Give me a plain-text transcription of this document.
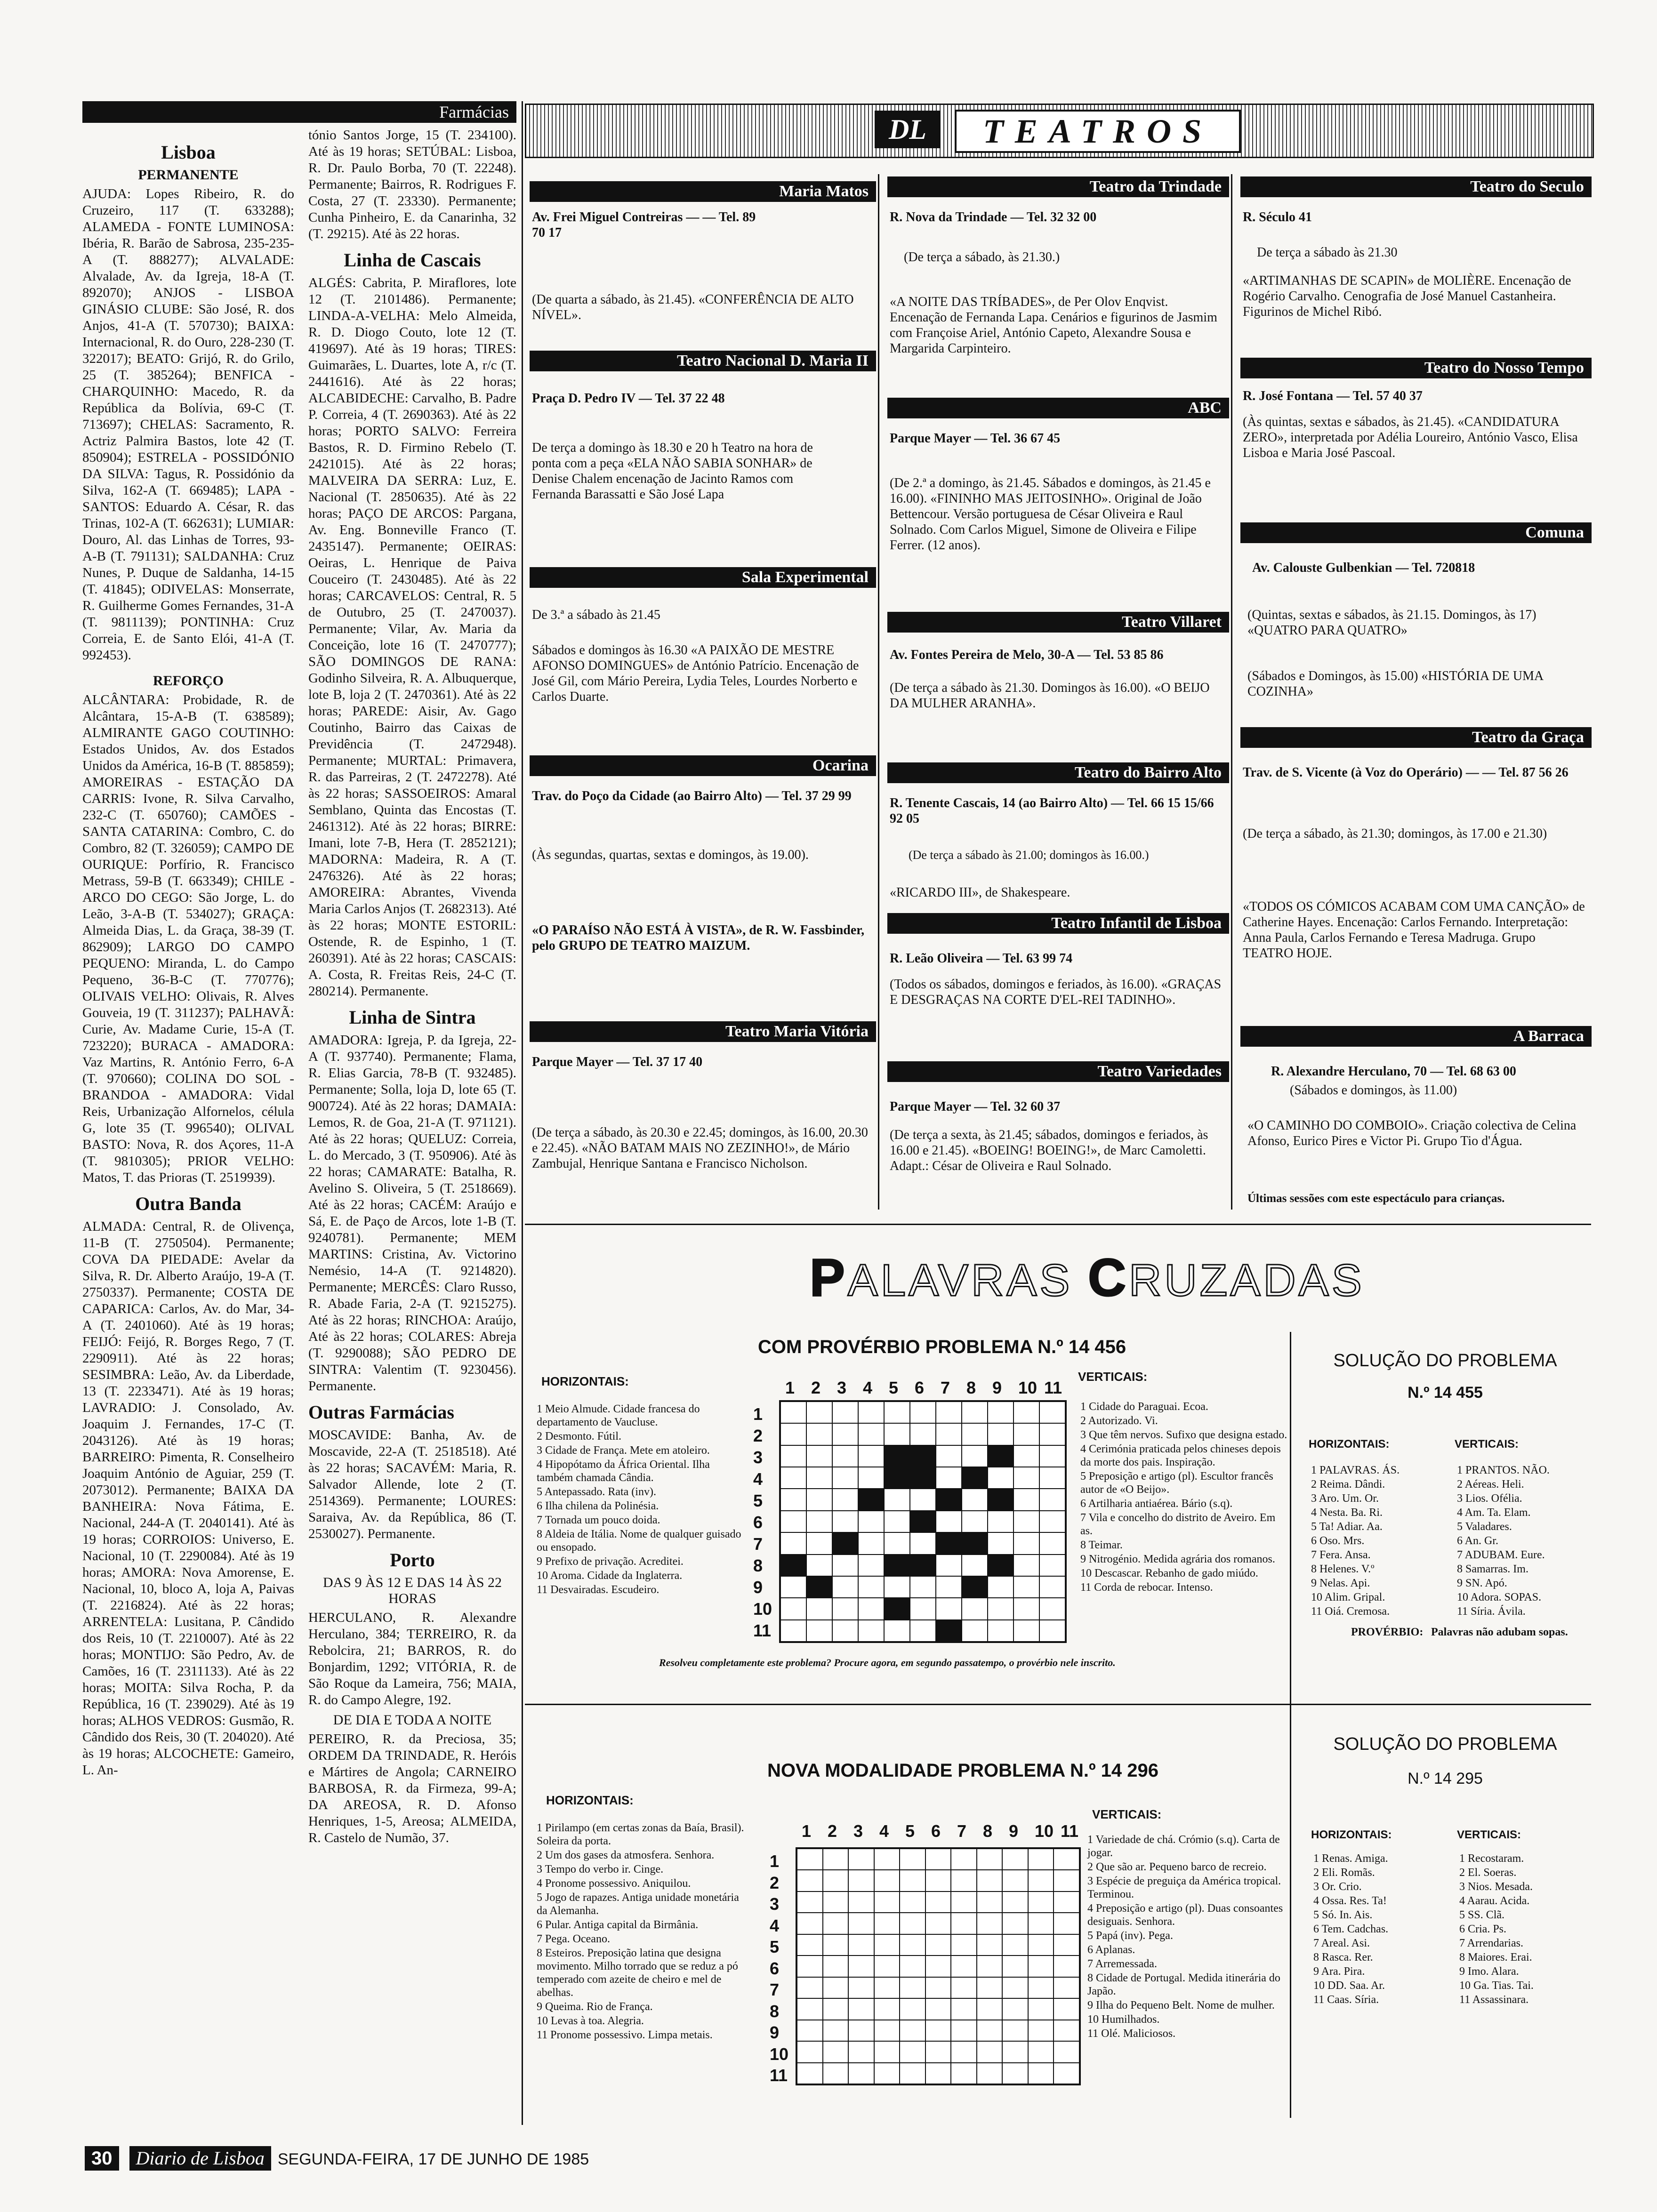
Farmácias
Lisboa
PERMANENTE

AJUDA: Lopes Ribeiro, R. do Cruzeiro, 117 (T. 633288); ALAMEDA - FONTE LUMINOSA: Ibéria, R. Barão de Sabrosa, 235-235-A (T. 888277); ALVALADE: Alvalade, Av. da Igreja, 18-A (T. 892070); ANJOS - LISBOA GINÁSIO CLUBE: São José, R. dos Anjos, 41-A (T. 570730); BAIXA: Internacional, R. do Ouro, 228-230 (T. 322017); BEATO: Grijó, R. do Grilo, 25 (T. 385264); BENFICA - CHARQUINHO: Macedo, R. da República da Bolívia, 69-C (T. 713697); CHELAS: Sacramento, R. Actriz Palmira Bastos, lote 42 (T. 850904); ESTRELA - POSSIDÓNIO DA SILVA: Tagus, R. Possidónio da Silva, 162-A (T. 669485); LAPA - SANTOS: Eduardo A. César, R. das Trinas, 102-A (T. 662631); LUMIAR: Douro, Al. das Linhas de Torres, 93-A-B (T. 791131); SALDANHA: Cruz Nunes, P. Duque de Saldanha, 14-15 (T. 41845); ODIVELAS: Monserrate, R. Guilherme Gomes Fernandes, 31-A (T. 9811139); PONTINHA: Cruz Correia, E. de Santo Elói, 41-A (T. 992453).

REFORÇO

ALCÂNTARA: Probidade, R. de Alcântara, 15-A-B (T. 638589); ALMIRANTE GAGO COUTINHO: Estados Unidos, Av. dos Estados Unidos da América, 16-B (T. 885859); AMOREIRAS - ESTAÇÃO DA CARRIS: Ivone, R. Silva Carvalho, 232-C (T. 650760); CAMÕES - SANTA CATARINA: Combro, C. do Combro, 82 (T. 326059); CAMPO DE OURIQUE: Porfírio, R. Francisco Metrass, 59-B (T. 663349); CHILE - ARCO DO CEGO: São Jorge, L. do Leão, 3-A-B (T. 534027); GRAÇA: Almeida Dias, L. da Graça, 38-39 (T. 862909); LARGO DO CAMPO PEQUENO: Miranda, L. do Campo Pequeno, 36-B-C (T. 770776); OLIVAIS VELHO: Olivais, R. Alves Gouveia, 19 (T. 311237); PALHAVÃ: Curie, Av. Madame Curie, 15-A (T. 723220); BURACA - AMADORA: Vaz Martins, R. António Ferro, 6-A (T. 970660); COLINA DO SOL - BRANDOA - AMADORA: Vidal Reis, Urbanização Alfornelos, célula G, lote 35 (T. 996540); OLIVAL BASTO: Nova, R. dos Açores, 11-A (T. 9810305); PRIOR VELHO: Matos, T. das Prioras (T. 2519939).

Outra Banda

ALMADA: Central, R. de Olivença, 11-B (T. 2750504). Permanente; COVA DA PIEDADE: Avelar da Silva, R. Dr. Alberto Araújo, 19-A (T. 2750337). Permanente; COSTA DE CAPARICA: Carlos, Av. do Mar, 34-A (T. 2401060). Até às 19 horas; FEIJÓ: Feijó, R. Borges Rego, 7 (T. 2290911). Até às 22 horas; SESIMBRA: Leão, Av. da Liberdade, 13 (T. 2233471). Até às 19 horas; LAVRADIO: J. Consolado, Av. Joaquim J. Fernandes, 17-C (T. 2043126). Até às 19 horas; BARREIRO: Pimenta, R. Conselheiro Joaquim António de Aguiar, 259 (T. 2073012). Permanente; BAIXA DA BANHEIRA: Nova Fátima, E. Nacional, 244-A (T. 2040141). Até às 19 horas; CORROIOS: Universo, E. Nacional, 10 (T. 2290084). Até às 19 horas; AMORA: Nova Amorense, E. Nacional, 10, bloco A, loja A, Paivas (T. 2216824). Até às 22 horas; ARRENTELA: Lusitana, P. Cândido dos Reis, 10 (T. 2210007). Até às 22 horas; MONTIJO: São Pedro, Av. de Camões, 16 (T. 2311133). Até às 22 horas; MOITA: Silva Rocha, P. da República, 16 (T. 239029). Até às 19 horas; ALHOS VEDROS: Gusmão, R. Cândido dos Reis, 30 (T. 204020). Até às 19 horas; ALCOCHETE: Gameiro, L. An-

tónio Santos Jorge, 15 (T. 234100). Até às 19 horas; SETÚBAL: Lisboa, R. Dr. Paulo Borba, 70 (T. 22248). Permanente; Bairros, R. Rodrigues F. Costa, 27 (T. 23330). Permanente; Cunha Pinheiro, E. da Canarinha, 32 (T. 29215). Até às 22 horas.

Linha de Cascais

ALGÉS: Cabrita, P. Miraflores, lote 12 (T. 2101486). Permanente; LINDA-A-VELHA: Melo Almeida, R. D. Diogo Couto, lote 12 (T. 419697). Até às 19 horas; TIRES: Guimarães, L. Duartes, lote A, r/c (T. 2441616). Até às 22 horas; ALCABIDECHE: Carvalho, B. Padre P. Correia, 4 (T. 2690363). Até às 22 horas; PORTO SALVO: Ferreira Bastos, R. D. Firmino Rebelo (T. 2421015). Até às 22 horas; MALVEIRA DA SERRA: Luz, E. Nacional (T. 2850635). Até às 22 horas; PAÇO DE ARCOS: Pargana, Av. Eng. Bonneville Franco (T. 2435147). Permanente; OEIRAS: Oeiras, L. Henrique de Paiva Couceiro (T. 2430485). Até às 22 horas; CARCAVELOS: Central, R. 5 de Outubro, 25 (T. 2470037). Permanente; Vilar, Av. Maria da Conceição, lote 16 (T. 2470777); SÃO DOMINGOS DE RANA: Godinho Silveira, R. A. Albuquerque, lote B, loja 2 (T. 2470361). Até às 22 horas; PAREDE: Aisir, Av. Gago Coutinho, Bairro das Caixas de Previdência (T. 2472948). Permanente; MURTAL: Primavera, R. das Parreiras, 2 (T. 2472278). Até às 22 horas; SASSOEIROS: Amaral Semblano, Quinta das Encostas (T. 2461312). Até às 22 horas; BIRRE: Imani, lote 7-B, Hera (T. 2852121); MADORNA: Madeira, R. A (T. 2476326). Até às 22 horas; AMOREIRA: Abrantes, Vivenda Maria Carlos Anjos (T. 2682313). Até às 22 horas; MONTE ESTORIL: Ostende, R. de Espinho, 1 (T. 260391). Até às 22 horas; CASCAIS: A. Costa, R. Freitas Reis, 24-C (T. 280214). Permanente.

Linha de Sintra

AMADORA: Igreja, P. da Igreja, 22-A (T. 937740). Permanente; Flama, R. Elias Garcia, 78-B (T. 932485). Permanente; Solla, loja D, lote 65 (T. 900724). Até às 22 horas; DAMAIA: Lemos, R. de Goa, 21-A (T. 971121). Até às 22 horas; QUELUZ: Correia, L. do Mercado, 3 (T. 950906). Até às 22 horas; CAMARATE: Batalha, R. Avelino S. Oliveira, 5 (T. 2518669). Até às 22 horas; CACÉM: Araújo e Sá, E. de Paço de Arcos, lote 1-B (T. 9240781). Permanente; MEM MARTINS: Cristina, Av. Victorino Nemésio, 14-A (T. 9214820). Permanente; MERCÊS: Claro Russo, R. Abade Faria, 2-A (T. 9215275). Até às 22 horas; RINCHOA: Araújo, Até às 22 horas; COLARES: Abreja (T. 9290088); SÃO PEDRO DE SINTRA: Valentim (T. 9230456). Permanente.

Outras Farmácias

MOSCAVIDE: Banha, Av. de Moscavide, 22-A (T. 2518518). Até às 22 horas; SACAVÉM: Maria, R. Salvador Allende, lote 2 (T. 2514369). Permanente; LOURES: Saraiva, Av. da República, 86 (T. 2530027). Permanente.

Porto
DAS 9 ÀS 12 E DAS 14 ÀS 22 HORAS

HERCULANO, R. Alexandre Herculano, 384; TERREIRO, R. da Rebolcira, 21; BARROS, R. do Bonjardim, 1292; VITÓRIA, R. de São Roque da Lameira, 756; MAIA, R. do Campo Alegre, 192.

DE DIA E TODA A NOITE

PEREIRO, R. da Preciosa, 35; ORDEM DA TRINDADE, R. Heróis e Mártires de Angola; CARNEIRO BARBOSA, R. da Firmeza, 99-A; DA AREOSA, R. D. Afonso Henriques, 1-5, Areosa; ALMEIDA, R. Castelo de Numão, 37.

DL	TEATROS
Maria Matos
Av. Frei Miguel Contreiras — — Tel. 89 70 17
(De quarta a sábado, às 21.45). «CONFERÊNCIA DE ALTO NÍVEL».
Teatro Nacional D. Maria II
Praça D. Pedro IV — Tel. 37 22 48
De terça a domingo às 18.30 e 20 h Teatro na hora de ponta com a peça «ELA NÃO SABIA SONHAR» de Denise Chalem encenação de Jacinto Ramos com Fernanda Barassatti e São José Lapa
Sala Experimental
De 3.ª a sábado às 21.45
Sábados e domingos às 16.30 «A PAIXÃO DE MESTRE AFONSO DOMINGUES» de António Patrício. Encenação de José Gil, com Mário Pereira, Lydia Teles, Lourdes Norberto e Carlos Duarte.
Ocarina
Trav. do Poço da Cidade (ao Bairro Alto) — Tel. 37 29 99
(Às segundas, quartas, sextas e domingos, às 19.00).
«O PARAÍSO NÃO ESTÁ À VISTA», de R. W. Fassbinder, pelo GRUPO DE TEATRO MAIZUM.
Teatro Maria Vitória
Parque Mayer — Tel. 37 17 40
(De terça a sábado, às 20.30 e 22.45; domingos, às 16.00, 20.30 e 22.45). «NÃO BATAM MAIS NO ZEZINHO!», de Mário Zambujal, Henrique Santana e Francisco Nicholson.
Teatro da Trindade
R. Nova da Trindade — Tel. 32 32 00
(De terça a sábado, às 21.30.)
«A NOITE DAS TRÍBADES», de Per Olov Enqvist. Encenação de Fernanda Lapa. Cenários e figurinos de Jasmim com Françoise Ariel, António Capeto, Alexandre Sousa e Margarida Carpinteiro.
ABC
Parque Mayer — Tel. 36 67 45
(De 2.ª a domingo, às 21.45. Sábados e domingos, às 21.45 e 16.00). «FININHO MAS JEITOSINHO». Original de João Bettencour. Versão portuguesa de César Oliveira e Raul Solnado. Com Carlos Miguel, Simone de Oliveira e Filipe Ferrer. (12 anos).
Teatro Villaret
Av. Fontes Pereira de Melo, 30-A — Tel. 53 85 86
(De terça a sábado às 21.30. Domingos às 16.00). «O BEIJO DA MULHER ARANHA».
Teatro do Bairro Alto
R. Tenente Cascais, 14 (ao Bairro Alto) — Tel. 66 15 15/66 92 05
(De terça a sábado às 21.00; domingos às 16.00.)
«RICARDO III», de Shakespeare.
Teatro Infantil de Lisboa
R. Leão Oliveira — Tel. 63 99 74
(Todos os sábados, domingos e feriados, às 16.00). «GRAÇAS E DESGRAÇAS NA CORTE D'EL-REI TADINHO».
Teatro Variedades
Parque Mayer — Tel. 32 60 37
(De terça a sexta, às 21.45; sábados, domingos e feriados, às 16.00 e 21.45). «BOEING! BOEING!», de Marc Camoletti. Adapt.: César de Oliveira e Raul Solnado.
Teatro do Seculo
R. Século 41
De terça a sábado às 21.30
«ARTIMANHAS DE SCAPIN» de MOLIÈRE. Encenação de Rogério Carvalho. Cenografia de José Manuel Castanheira. Figurinos de Michel Ribó.
Teatro do Nosso Tempo
R. José Fontana — Tel. 57 40 37
(Às quintas, sextas e sábados, às 21.45). «CANDIDATURA ZERO», interpretada por Adélia Loureiro, António Vasco, Elisa Lisboa e Maria José Pascoal.
Comuna
Av. Calouste Gulbenkian — Tel. 720818
(Quintas, sextas e sábados, às 21.15. Domingos, às 17) «QUATRO PARA QUATRO»
(Sábados e Domingos, às 15.00) «HISTÓRIA DE UMA COZINHA»
Teatro da Graça
Trav. de S. Vicente (à Voz do Operário) — — Tel. 87 56 26
(De terça a sábado, às 21.30; domingos, às 17.00 e 21.30)
«TODOS OS CÓMICOS ACABAM COM UMA CANÇÃO» de Catherine Hayes. Encenação: Carlos Fernando. Interpretação: Anna Paula, Carlos Fernando e Teresa Madruga. Grupo TEATRO HOJE.
A Barraca
R. Alexandre Herculano, 70 — Tel. 68 63 00
(Sábados e domingos, às 11.00)
«O CAMINHO DO COMBOIO». Criação colectiva de Celina Afonso, Eurico Pires e Victor Pi. Grupo Tio d'Água.
Últimas sessões com este espectáculo para crianças.
PALAVRAS CRUZADAS
COM PROVÉRBIO PROBLEMA N.º 14 456
HORIZONTAIS:
1 Meio Almude. Cidade francesa do departamento de Vaucluse.
2 Desmonto. Fútil.
3 Cidade de França. Mete em atoleiro.
4 Hipopótamo da África Oriental. Ilha também chamada Cândia.
5 Antepassado. Rata (inv).
6 Ilha chilena da Polinésia.
7 Tornada um pouco doida.
8 Aldeia de Itália. Nome de qualquer guisado ou ensopado.
9 Prefixo de privação. Acreditei.
10 Aroma. Cidade da Inglaterra.
11 Desvairadas. Escudeiro.
1 2 3 4 5 6 7 8 9 10 11
1
2
3
4
5
6
7
8
9
10
11
VERTICAIS:
1 Cidade do Paraguai. Ecoa.
2 Autorizado. Vi.
3 Que têm nervos. Sufixo que designa estado.
4 Cerimónia praticada pelos chineses depois da morte dos pais. Inspiração.
5 Preposição e artigo (pl). Escultor francês autor de «O Beijo».
6 Artilharia antiaérea. Bário (s.q).
7 Vila e concelho do distrito de Aveiro. Em as.
8 Teimar.
9 Nitrogénio. Medida agrária dos romanos.
10 Descascar. Rebanho de gado miúdo.
11 Corda de rebocar. Intenso.
Resolveu completamente este problema? Procure agora, em segundo passatempo, o provérbio nele inscrito.
SOLUÇÃO DO PROBLEMA
N.º 14 455
HORIZONTAIS:	VERTICAIS:
1 PALAVRAS. ÁS.
2 Reima. Dândi.
3 Aro. Um. Or.
4 Nesta. Ba. Ri.
5 Ta! Adiar. Aa.
6 Oso. Mrs.
7 Fera. Ansa.
8 Helenes. V.º
9 Nelas. Api.
10 Alim. Gripal.
11 Oiá. Cremosa.
1 PRANTOS. NÃO.
2 Aéreas. Heli.
3 Lios. Ofélia.
4 Am. Ta. Elam.
5 Valadares.
6 An. Gr.
7 ADUBAM. Eure.
8 Samarras. Im.
9 SN. Apó.
10 Adora. SOPAS.
11 Síria. Ávila.
PROVÉRBIO: Palavras não adubam sopas.
NOVA MODALIDADE PROBLEMA N.º 14 296
HORIZONTAIS:
1 Pirilampo (em certas zonas da Baía, Brasil). Soleira da porta.
2 Um dos gases da atmosfera. Senhora.
3 Tempo do verbo ir. Cinge.
4 Pronome possessivo. Aniquilou.
5 Jogo de rapazes. Antiga unidade monetária da Alemanha.
6 Pular. Antiga capital da Birmânia.
7 Pega. Oceano.
8 Esteiros. Preposição latina que designa movimento. Milho torrado que se reduz a pó temperado com azeite de cheiro e mel de abelhas.
9 Queima. Rio de França.
10 Levas à toa. Alegria.
11 Pronome possessivo. Limpa metais.
1 2 3 4 5 6 7 8 9 10 11
1
2
3
4
5
6
7
8
9
10
11
VERTICAIS:
1 Variedade de chá. Crómio (s.q). Carta de jogar.
2 Que são ar. Pequeno barco de recreio.
3 Espécie de preguiça da América tropical. Terminou.
4 Preposição e artigo (pl). Duas consoantes desiguais. Senhora.
5 Papá (inv). Pega.
6 Aplanas.
7 Arremessada.
8 Cidade de Portugal. Medida itinerária do Japão.
9 Ilha do Pequeno Belt. Nome de mulher.
10 Humilhados.
11 Olé. Maliciosos.
SOLUÇÃO DO PROBLEMA
N.º 14 295
HORIZONTAIS:	VERTICAIS:
1 Renas. Amiga.
2 Eli. Romãs.
3 Or. Crio.
4 Ossa. Res. Ta!
5 Só. In. Ais.
6 Tem. Cadchas.
7 Areal. Asi.
8 Rasca. Rer.
9 Ara. Pira.
10 DD. Saa. Ar.
11 Caas. Síria.
1 Recostaram.
2 El. Soeras.
3 Nios. Mesada.
4 Aarau. Acida.
5 SS. Clã.
6 Cria. Ps.
7 Arrendarias.
8 Maiores. Erai.
9 Imo. Alara.
10 Ga. Tias. Tai.
11 Assassinara.
30 Diario de Lisboa SEGUNDA-FEIRA, 17 DE JUNHO DE 1985
